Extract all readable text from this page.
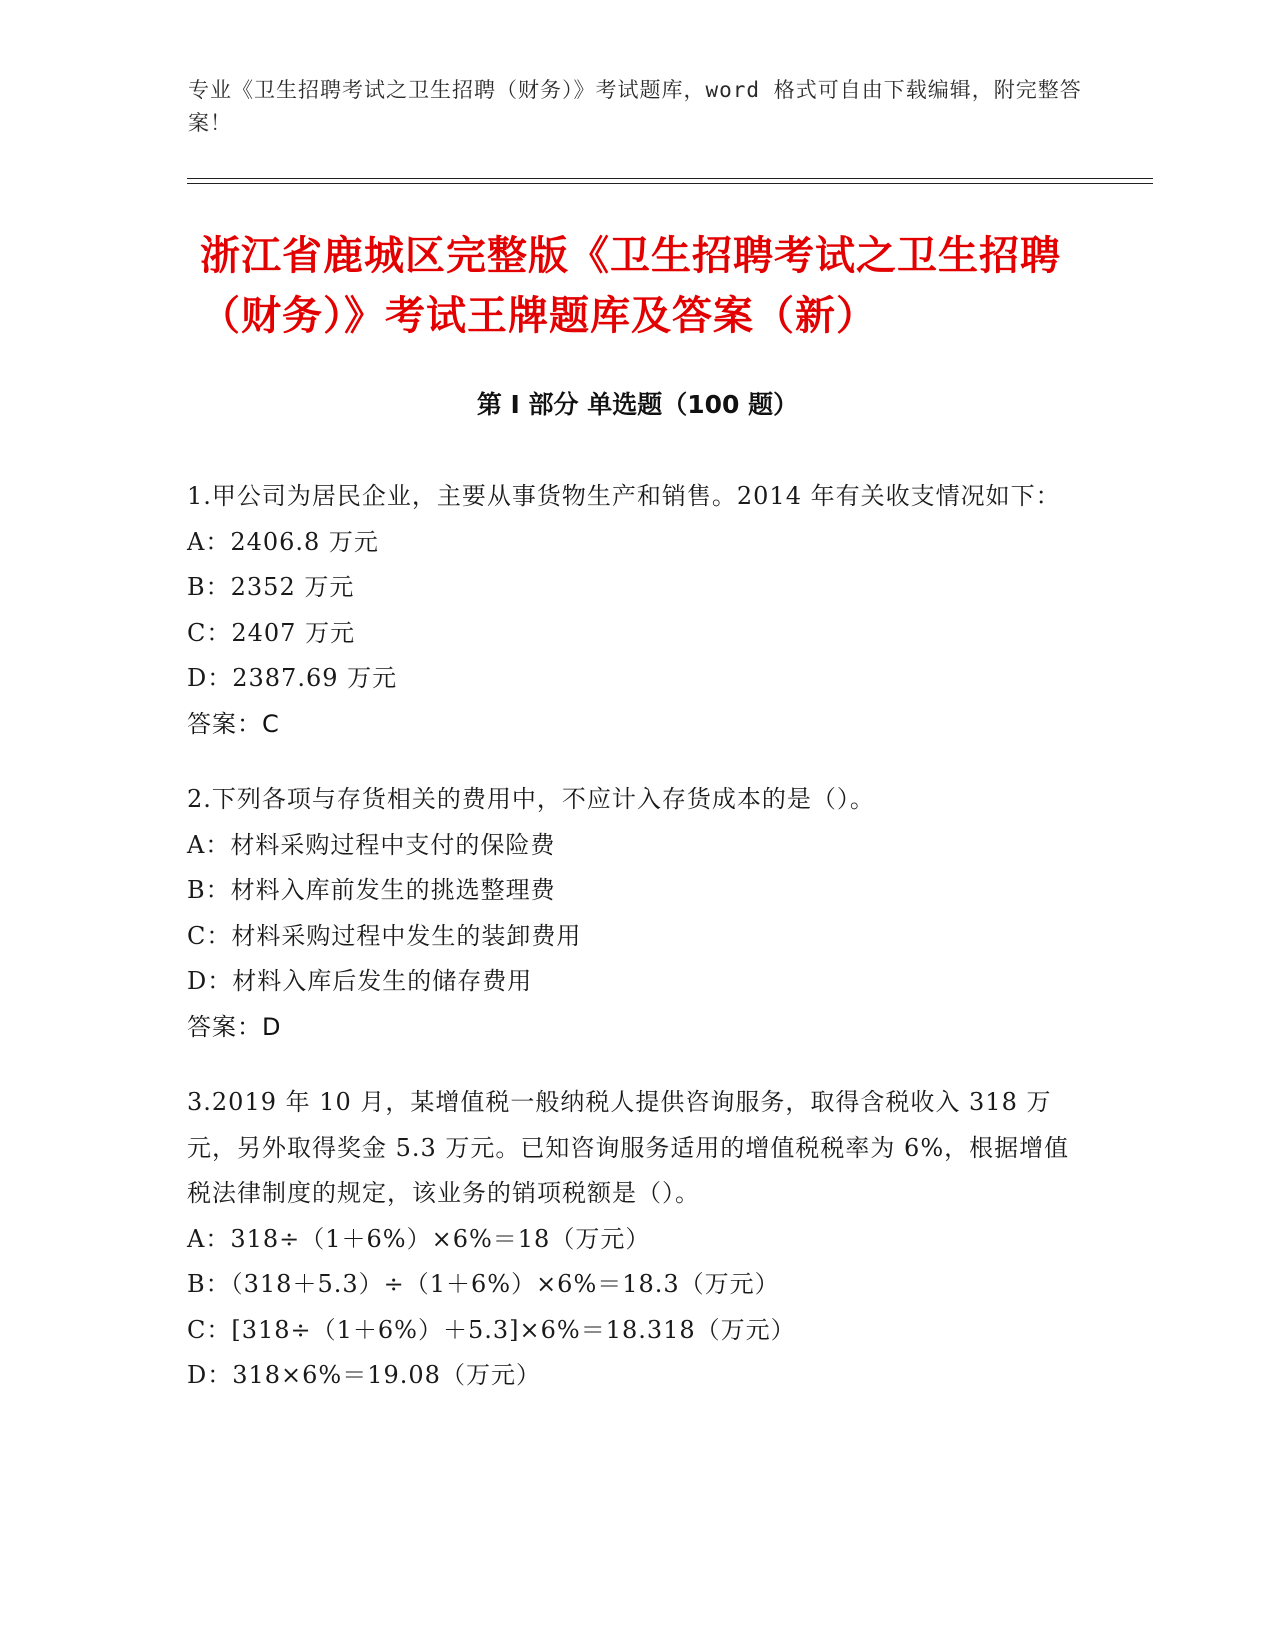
专业《卫生招聘考试之卫生招聘（财务）》考试题库，word 格式可自由下载编辑，附完整答案！
浙江省鹿城区完整版《卫生招聘考试之卫生招聘（财务）》考试王牌题库及答案（新）
第 I 部分 单选题（100 题）

1.甲公司为居民企业，主要从事货物生产和销售。2014 年有关收支情况如下：

A：2406.8 万元

B：2352 万元

C：2407 万元

D：2387.69 万元

答案：C

2.下列各项与存货相关的费用中，不应计入存货成本的是（）。

A：材料采购过程中支付的保险费

B：材料入库前发生的挑选整理费

C：材料采购过程中发生的装卸费用

D：材料入库后发生的储存费用

答案：D

3.2019 年 10 月，某增值税一般纳税人提供咨询服务，取得含税收入 318 万元，另外取得奖金 5.3 万元。已知咨询服务适用的增值税税率为 6%，根据增值税法律制度的规定，该业务的销项税额是（）。

A：318÷（1＋6%）×6%＝18（万元）

B：（318＋5.3）÷（1＋6%）×6%＝18.3（万元）

C：[318÷（1＋6%）＋5.3]×6%＝18.318（万元）

D：318×6%＝19.08（万元）
